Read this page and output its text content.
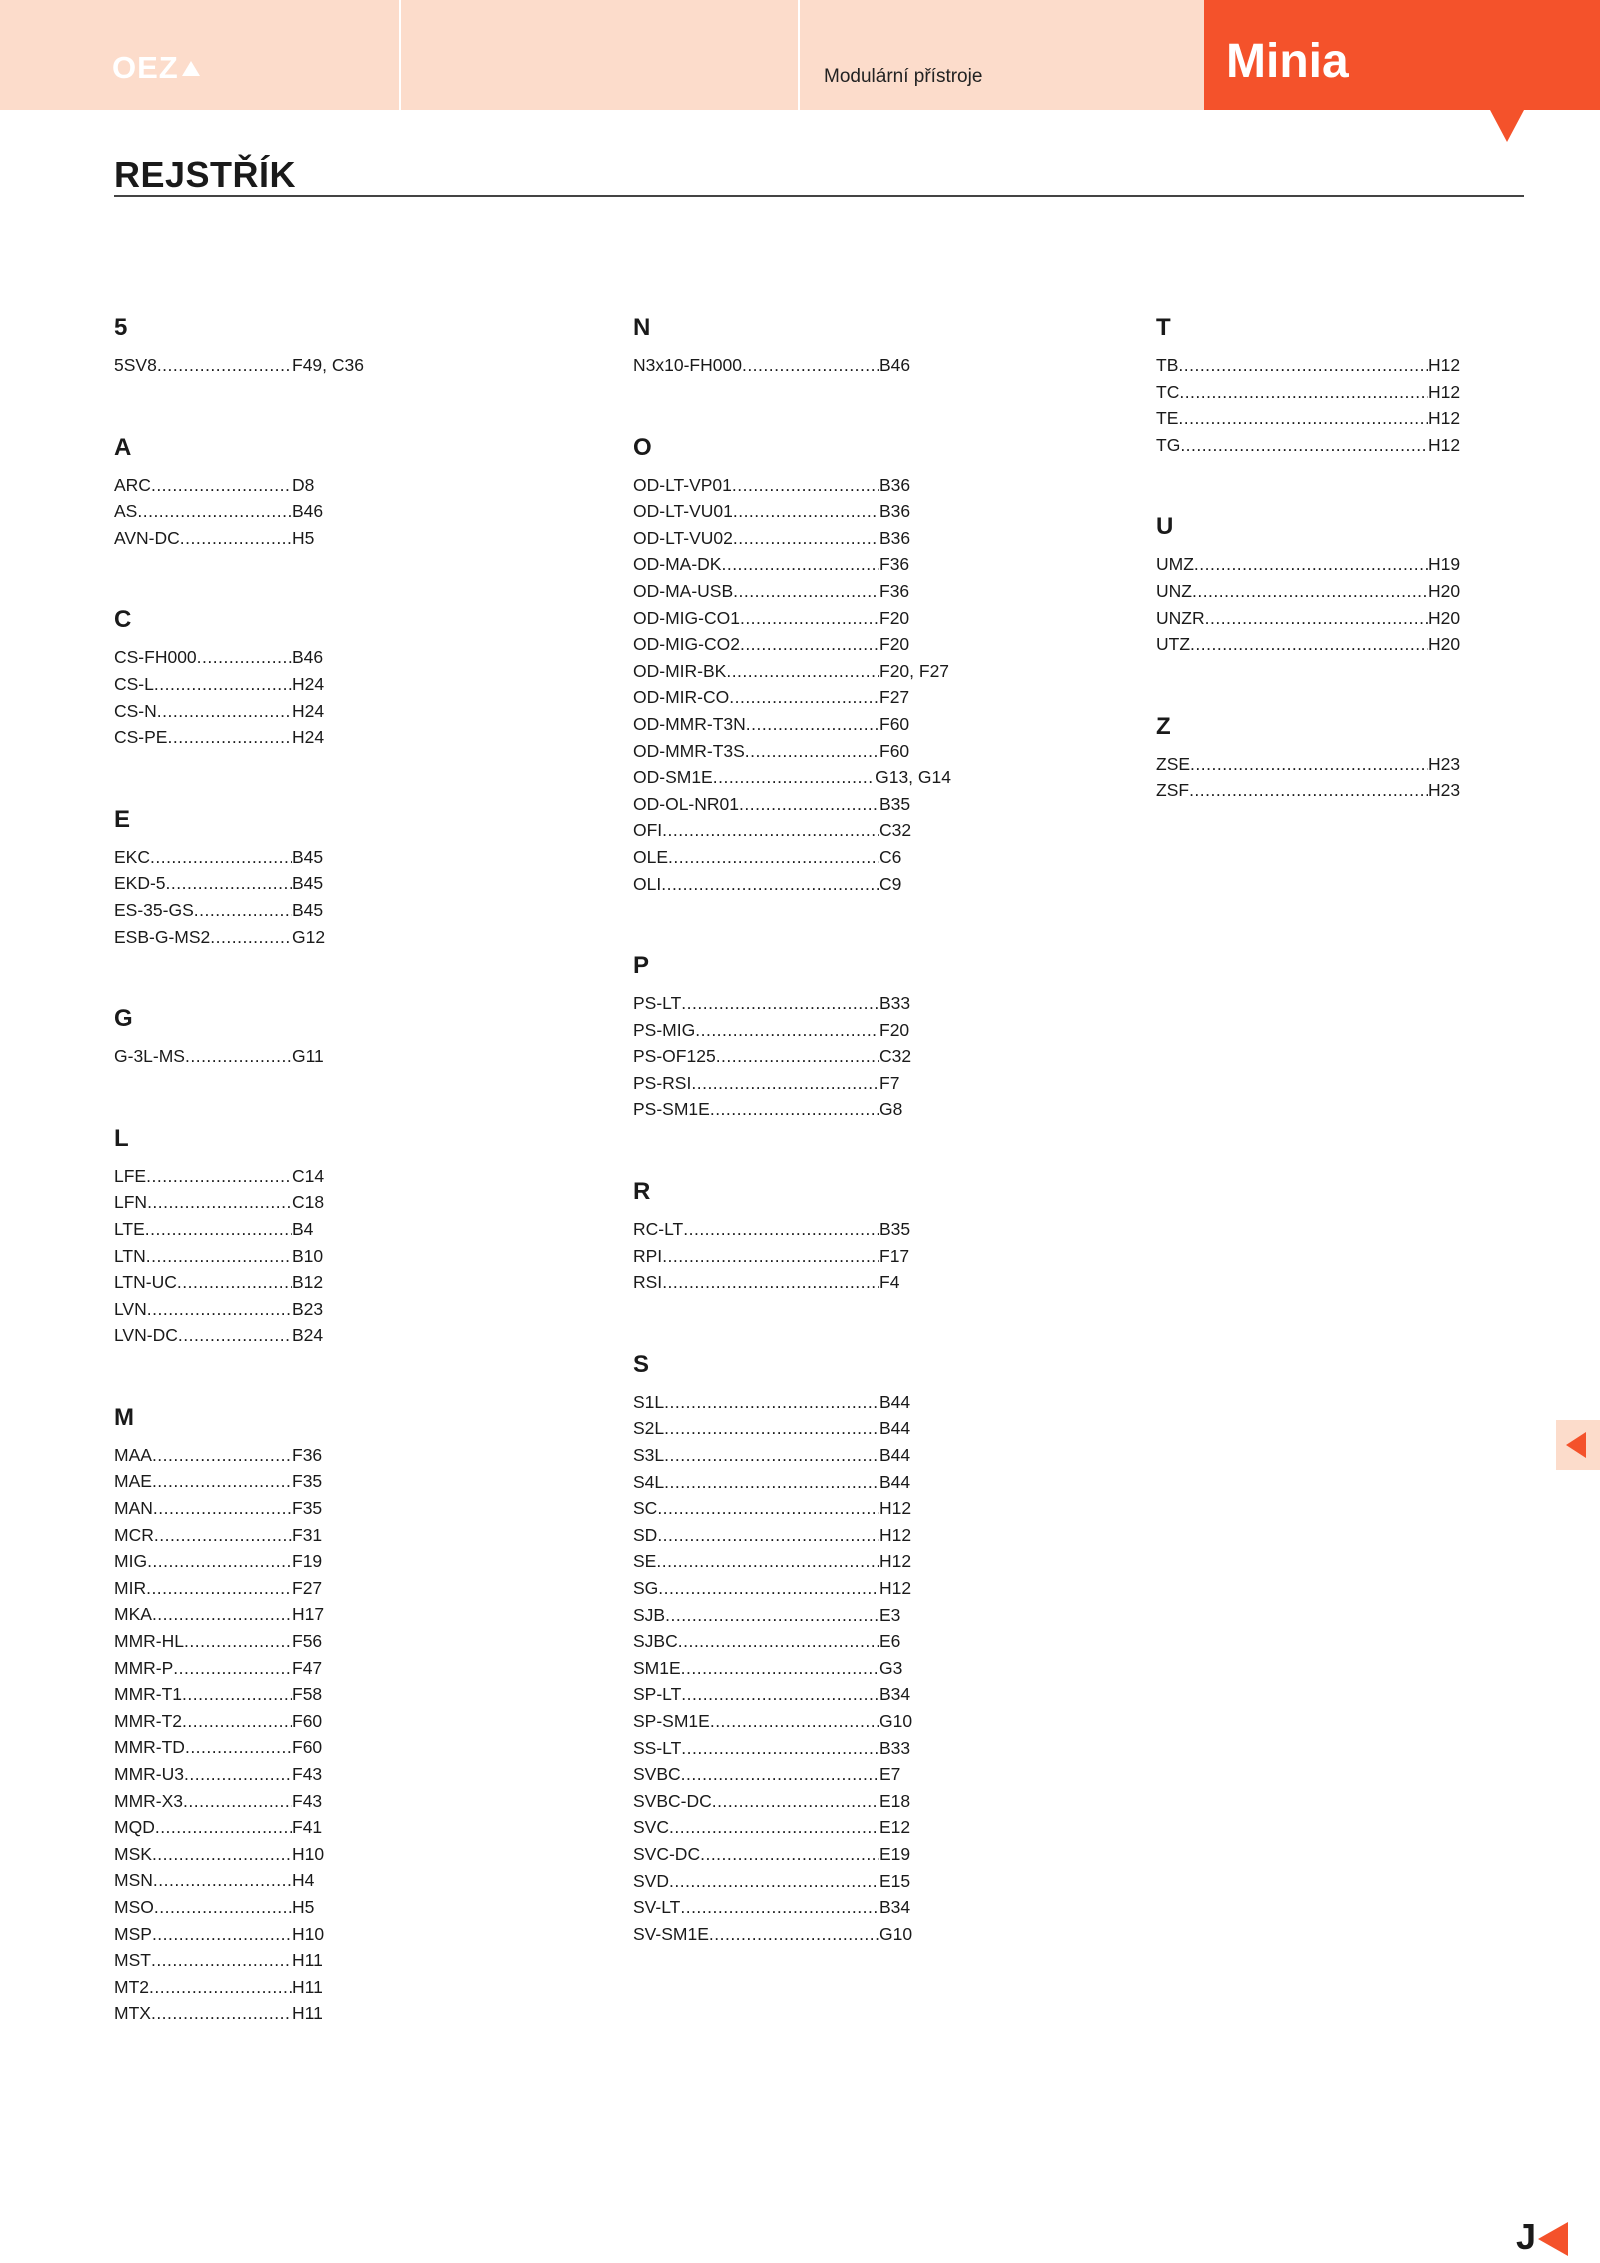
OEZ	Modulární přístroje	Minia
REJSTŘÍK
5
5SV8 .....	F49, C36
A
ARC .....	D8
AS .....	B46
AVN-DC .....	H5
C
CS-FH000 .....	B46
CS-L .....	H24
CS-N .....	H24
CS-PE .....	H24
E
EKC .....	B45
EKD-5 .....	B45
ES-35-GS .....	B45
ESB-G-MS2 .....	G12
G
G-3L-MS .....	G11
L
LFE .....	C14
LFN .....	C18
LTE .....	B4
LTN .....	B10
LTN-UC .....	B12
LVN .....	B23
LVN-DC .....	B24
M
MAA .....	F36
MAE .....	F35
MAN .....	F35
MCR .....	F31
MIG .....	F19
MIR .....	F27
MKA .....	H17
MMR-HL .....	F56
MMR-P .....	F47
MMR-T1 .....	F58
MMR-T2 .....	F60
MMR-TD .....	F60
MMR-U3 .....	F43
MMR-X3 .....	F43
MQD .....	F41
MSK .....	H10
MSN .....	H4
MSO .....	H5
MSP .....	H10
MST .....	H11
MT2 .....	H11
MTX .....	H11
N
N3x10-FH000 .....	B46
O
OD-LT-VP01 .....	B36
OD-LT-VU01 .....	B36
OD-LT-VU02 .....	B36
OD-MA-DK .....	F36
OD-MA-USB .....	F36
OD-MIG-CO1 .....	F20
OD-MIG-CO2 .....	F20
OD-MIR-BK .....	F20, F27
OD-MIR-CO .....	F27
OD-MMR-T3N .....	F60
OD-MMR-T3S .....	F60
OD-SM1E .....	G13, G14
OD-OL-NR01 .....	B35
OFI .....	C32
OLE .....	C6
OLI .....	C9
P
PS-LT .....	B33
PS-MIG .....	F20
PS-OF125 .....	C32
PS-RSI .....	F7
PS-SM1E .....	G8
R
RC-LT .....	B35
RPI .....	F17
RSI .....	F4
S
S1L .....	B44
S2L .....	B44
S3L .....	B44
S4L .....	B44
SC .....	H12
SD .....	H12
SE .....	H12
SG .....	H12
SJB .....	E3
SJBC .....	E6
SM1E .....	G3
SP-LT .....	B34
SP-SM1E .....	G10
SS-LT .....	B33
SVBC .....	E7
SVBC-DC .....	E18
SVC .....	E12
SVC-DC .....	E19
SVD .....	E15
SV-LT .....	B34
SV-SM1E .....	G10
T
TB .....	H12
TC .....	H12
TE .....	H12
TG .....	H12
U
UMZ .....	H19
UNZ .....	H20
UNZR .....	H20
UTZ .....	H20
Z
ZSE .....	H23
ZSF .....	H23
J
